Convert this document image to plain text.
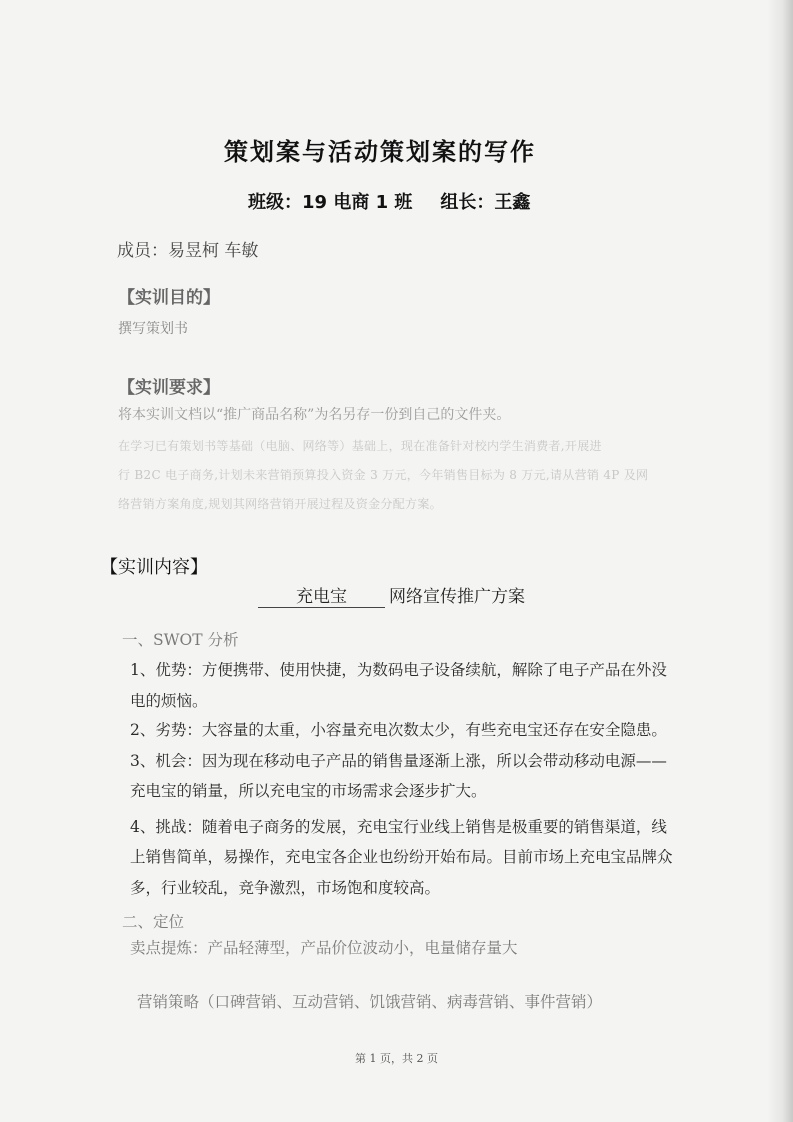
策划案与活动策划案的写作
班级：19 电商 1 班 组长：王鑫
成员：易昱柯 车敏
【实训目的】
撰写策划书
【实训要求】
将本实训文档以“推广商品名称”为名另存一份到自己的文件夹。
在学习已有策划书等基础（电脑、网络等）基础上，现在准备针对校内学生消费者,开展进
行 B2C 电子商务,计划未来营销预算投入资金 3 万元，今年销售目标为 8 万元,请从营销 4P 及网
络营销方案角度,规划其网络营销开展过程及资金分配方案。
【实训内容】
充电宝 网络宣传推广方案
一、SWOT 分析
1、优势：方便携带、使用快捷，为数码电子设备续航，解除了电子产品在外没
电的烦恼。
2、劣势：大容量的太重，小容量充电次数太少，有些充电宝还存在安全隐患。
3、机会：因为现在移动电子产品的销售量逐渐上涨，所以会带动移动电源——
充电宝的销量，所以充电宝的市场需求会逐步扩大。
4、挑战：随着电子商务的发展，充电宝行业线上销售是极重要的销售渠道，线
上销售简单，易操作，充电宝各企业也纷纷开始布局。目前市场上充电宝品牌众
多，行业较乱，竞争激烈，市场饱和度较高。
二、定位
卖点提炼：产品轻薄型，产品价位波动小，电量储存量大
营销策略（口碑营销、互动营销、饥饿营销、病毒营销、事件营销）
第 1 页，共 2 页
